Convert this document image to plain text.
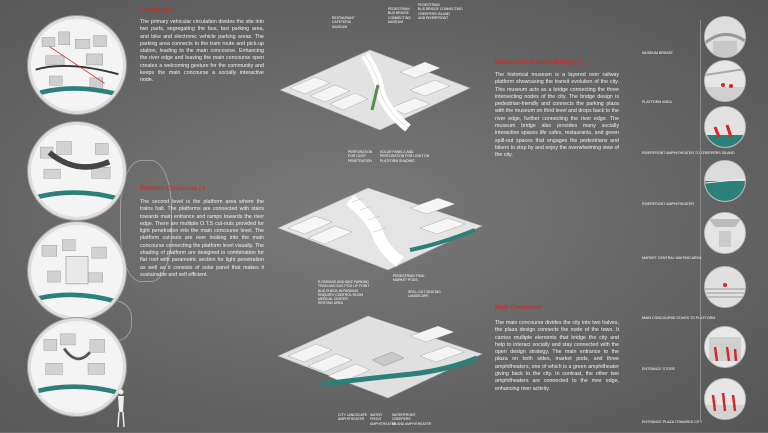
Circulation
The primary vehicular circulation divides the site into two parts, segregating the bus, taxi parking area, and bike and electronic vehicle parking areas. The parking area connects to the tram route and pick-up station, leading to the main concourse. Enhancing the river edge and leaving the main concourse open creates a welcoming gesture for the community and keeps the main concourse a socially interactive node.
Platform Concourse (-)
The second level is the platform area where the trains halt. The platforms are connected with stairs towards main entrance and ramps towards the river edge. There are multiple O.T.S cut-outs provided for light penetration into the main concourse level. The platform cut-outs are over looking into the main concourse connecting the platform level visually. The shading of platform are designed in combination for flat roof with parametric section for light penetration as well as it consists of solar panel that makes it sustainable and self efficient.
RESTAURANT
CAFETERIA
MUSEUM
PEDESTRIAN
BUS BRIDGE
CONNECTING
MUSEUM
PEDESTRIAN
BUS BRIDGE CONNECTING
CREEPERS ISLAND
AND RIVERFRONT
PERFORATION
FOR LIGHT
PENETRATION
SOLAR PANELS AND
PERFORATION FOR LIGHT ON
PLATFORM SHADING
E-PARKING AND BIKE PARKING
TRAM AND BUS PICK UP POINT
BUS CHECK-IN PARKING
ENQUIRY/ CONTROL ROOM
MEDICAL CENTER
RESTING AREA
PEDESTRIAN TRAIL
MARKET PODS
SPILL OUT SEATING
LANDSCAPE
CITY LANDSCAPE
AMPHITHEATER
WATER
FRONT
AMPHITHEATER
WATERFRONT
CREEPERS
ISLAND AMPHITHEATER
Museum Pedestrian Bridge (+)
The historical museum is a layered over railway platform showcasing the transit evolution of the city. This museum acts as a bridge connecting the three intersecting nodes of the city. The bridge design is pedestrian-friendly and connects the parking plaza with the museum on third level and drops back to the river edge, further connecting the river edge. The museum bridge also provides many socially interactive spaces life cafes, restaurants, and green spill-out spaces that engages the pedestrians and bikers to stop by and enjoy the overwhelming view of the city.
Main Concourse
The main concourse divides the city into two halves, the plaza design connects the node of the town. It carries multiple elements that bridge the city and help to interact socially and stay connected with the open design strategy. The main entrance to the plaza on both sides, market pods, and three amphitheaters, one of which is a green amphitheater giving back to the city. In contrast, the other two amphitheaters are connected to the river edge, enhancing river activity.
MUSEUM BRIDGE
PLATFORM AREA
RIVERFRONT AMPHITHEATER TO CREEPERS ISLAND
RIVERFRONT AMPHITHEATER
MARKET CENTRAL WAITING AREA
MAIN CONCOURSE STAIRS TO PLATFORM
ENTRANCE STORE
ENTRANCE PLAZA TOWARDS CITY
